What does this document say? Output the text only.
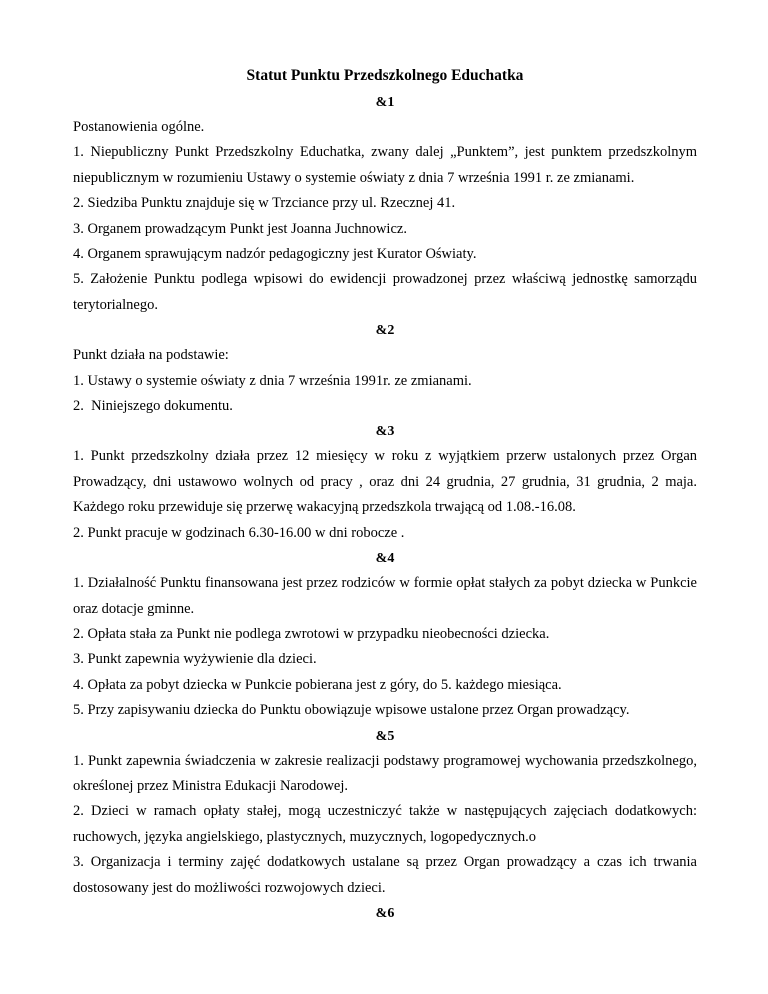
Statut Punktu Przedszkolnego Educhatka
&1
Postanowienia ogólne.
1. Niepubliczny Punkt Przedszkolny Educhatka, zwany dalej „Punktem”, jest punktem przedszkolnym niepublicznym w rozumieniu Ustawy o systemie oświaty z dnia 7 września 1991 r. ze zmianami.
2. Siedziba Punktu znajduje się w Trzciance przy ul. Rzecznej 41.
3. Organem prowadzącym Punkt jest Joanna Juchnowicz.
4. Organem sprawującym nadzór pedagogiczny jest Kurator Oświaty.
5. Założenie Punktu podlega wpisowi do ewidencji prowadzonej przez właściwą jednostkę samorządu terytorialnego.
&2
Punkt działa na podstawie:
1. Ustawy o systemie oświaty z dnia 7 września 1991r. ze zmianami.
2.  Niniejszego dokumentu.
&3
1. Punkt przedszkolny działa przez 12 miesięcy w roku z wyjątkiem przerw ustalonych przez Organ Prowadzący, dni ustawowo wolnych od pracy , oraz dni 24 grudnia, 27 grudnia, 31 grudnia, 2 maja. Każdego roku przewiduje się przerwę wakacyjną przedszkola trwającą od 1.08.-16.08.
2. Punkt pracuje w godzinach 6.30-16.00 w dni robocze .
&4
1. Działalność Punktu finansowana jest przez rodziców w formie opłat stałych za pobyt dziecka w Punkcie oraz dotacje gminne.
2. Opłata stała za Punkt nie podlega zwrotowi w przypadku nieobecności dziecka.
3. Punkt zapewnia wyżywienie dla dzieci.
4. Opłata za pobyt dziecka w Punkcie pobierana jest z góry, do 5. każdego miesiąca.
5. Przy zapisywaniu dziecka do Punktu obowiązuje wpisowe ustalone przez Organ prowadzący.
&5
1. Punkt zapewnia świadczenia w zakresie realizacji podstawy programowej wychowania przedszkolnego, określonej przez Ministra Edukacji Narodowej.
2. Dzieci w ramach opłaty stałej, mogą uczestniczyć także w następujących zajęciach dodatkowych: ruchowych, języka angielskiego, plastycznych, muzycznych, logopedycznych.o
3. Organizacja i terminy zajęć dodatkowych ustalane są przez Organ prowadzący a czas ich trwania dostosowany jest do możliwości rozwojowych dzieci.
&6
